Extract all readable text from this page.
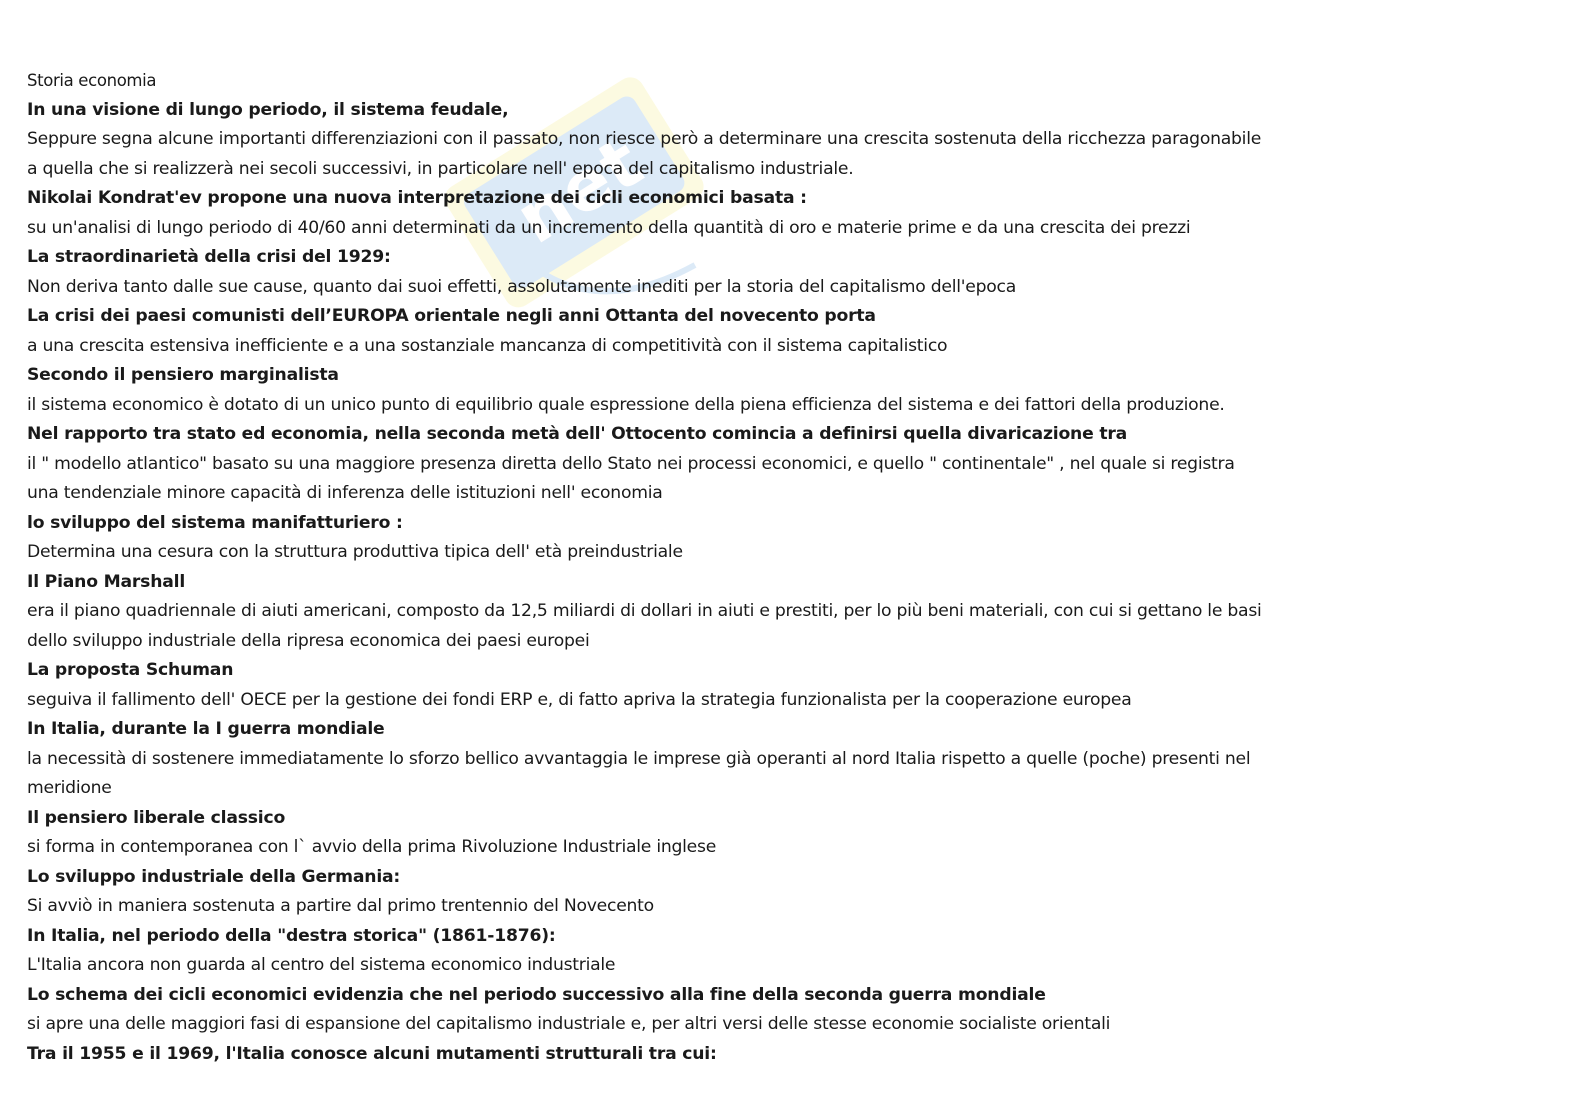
net
Storia economia
In una visione di lungo periodo, il sistema feudale,
Seppure segna alcune importanti differenziazioni con il passato, non riesce però a determinare una crescita sostenuta della ricchezza paragonabile
a quella che si realizzerà nei secoli successivi, in particolare nell' epoca del capitalismo industriale.
Nikolai Kondrat'ev propone una nuova interpretazione dei cicli economici basata :
su un'analisi di lungo periodo di 40/60 anni determinati da un incremento della quantità di oro e materie prime e da una crescita dei prezzi
La straordinarietà della crisi del 1929:
Non deriva tanto dalle sue cause, quanto dai suoi effetti, assolutamente inediti per la storia del capitalismo dell'epoca
La crisi dei paesi comunisti dell’EUROPA orientale negli anni Ottanta del novecento porta
a una crescita estensiva inefficiente e a una sostanziale mancanza di competitività con il sistema capitalistico
Secondo il pensiero marginalista
il sistema economico è dotato di un unico punto di equilibrio quale espressione della piena efficienza del sistema e dei fattori della produzione.
Nel rapporto tra stato ed economia, nella seconda metà dell' Ottocento comincia a definirsi quella divaricazione tra
il " modello atlantico" basato su una maggiore presenza diretta dello Stato nei processi economici, e quello " continentale" , nel quale si registra
una tendenziale minore capacità di inferenza delle istituzioni nell' economia
lo sviluppo del sistema manifatturiero :
Determina una cesura con la struttura produttiva tipica dell' età preindustriale
Il Piano Marshall
era il piano quadriennale di aiuti americani, composto da 12,5 miliardi di dollari in aiuti e prestiti, per lo più beni materiali, con cui si gettano le basi
dello sviluppo industriale della ripresa economica dei paesi europei
La proposta Schuman
seguiva il fallimento dell' OECE per la gestione dei fondi ERP e, di fatto apriva la strategia funzionalista per la cooperazione europea
In Italia, durante la I guerra mondiale
la necessità di sostenere immediatamente lo sforzo bellico avvantaggia le imprese già operanti al nord Italia rispetto a quelle (poche) presenti nel
meridione
Il pensiero liberale classico
si forma in contemporanea con l` avvio della prima Rivoluzione Industriale inglese
Lo sviluppo industriale della Germania:
Si avviò in maniera sostenuta a partire dal primo trentennio del Novecento
In Italia, nel periodo della "destra storica" (1861-1876):
L'Italia ancora non guarda al centro del sistema economico industriale
Lo schema dei cicli economici evidenzia che nel periodo successivo alla fine della seconda guerra mondiale
si apre una delle maggiori fasi di espansione del capitalismo industriale e, per altri versi delle stesse economie socialiste orientali
Tra il 1955 e il 1969, l'Italia conosce alcuni mutamenti strutturali tra cui:
